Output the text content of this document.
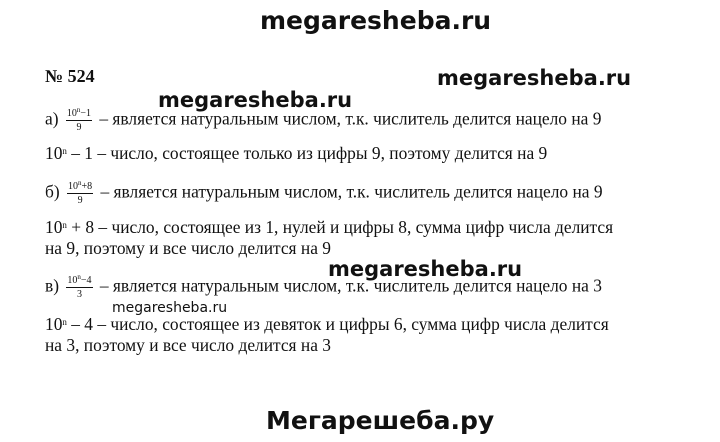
megaresheba.ru
№ 524	megaresheba.ru
$а) \frac{10^n-1}{9}$ – является натуральным числом, т.к. числитель делится нацело на 9
megaresheba.ru
10$^n$ – 1 – число, состоящее только из цифры 9, поэтому делится на 9
$б) \frac{10^n+8}{9}$ – является натуральным числом, т.к. числитель делится нацело на 9
$10^n + 8$ – число, состоящее из 1, нулей и цифры 8, сумма цифр числа делится
на 9, поэтому и все число делится на 9
megaresheba.ru
$в) \frac{10^n-4}{3}$ – является натуральным числом, т.к. числитель делится нацело на 3
megaresheba.ru
10$^n$ – 4 – число, состоящее из девяток и цифры 6, сумма цифр числа делится
на 3, поэтому и все число делится на 3
Мегарешеба.ру
